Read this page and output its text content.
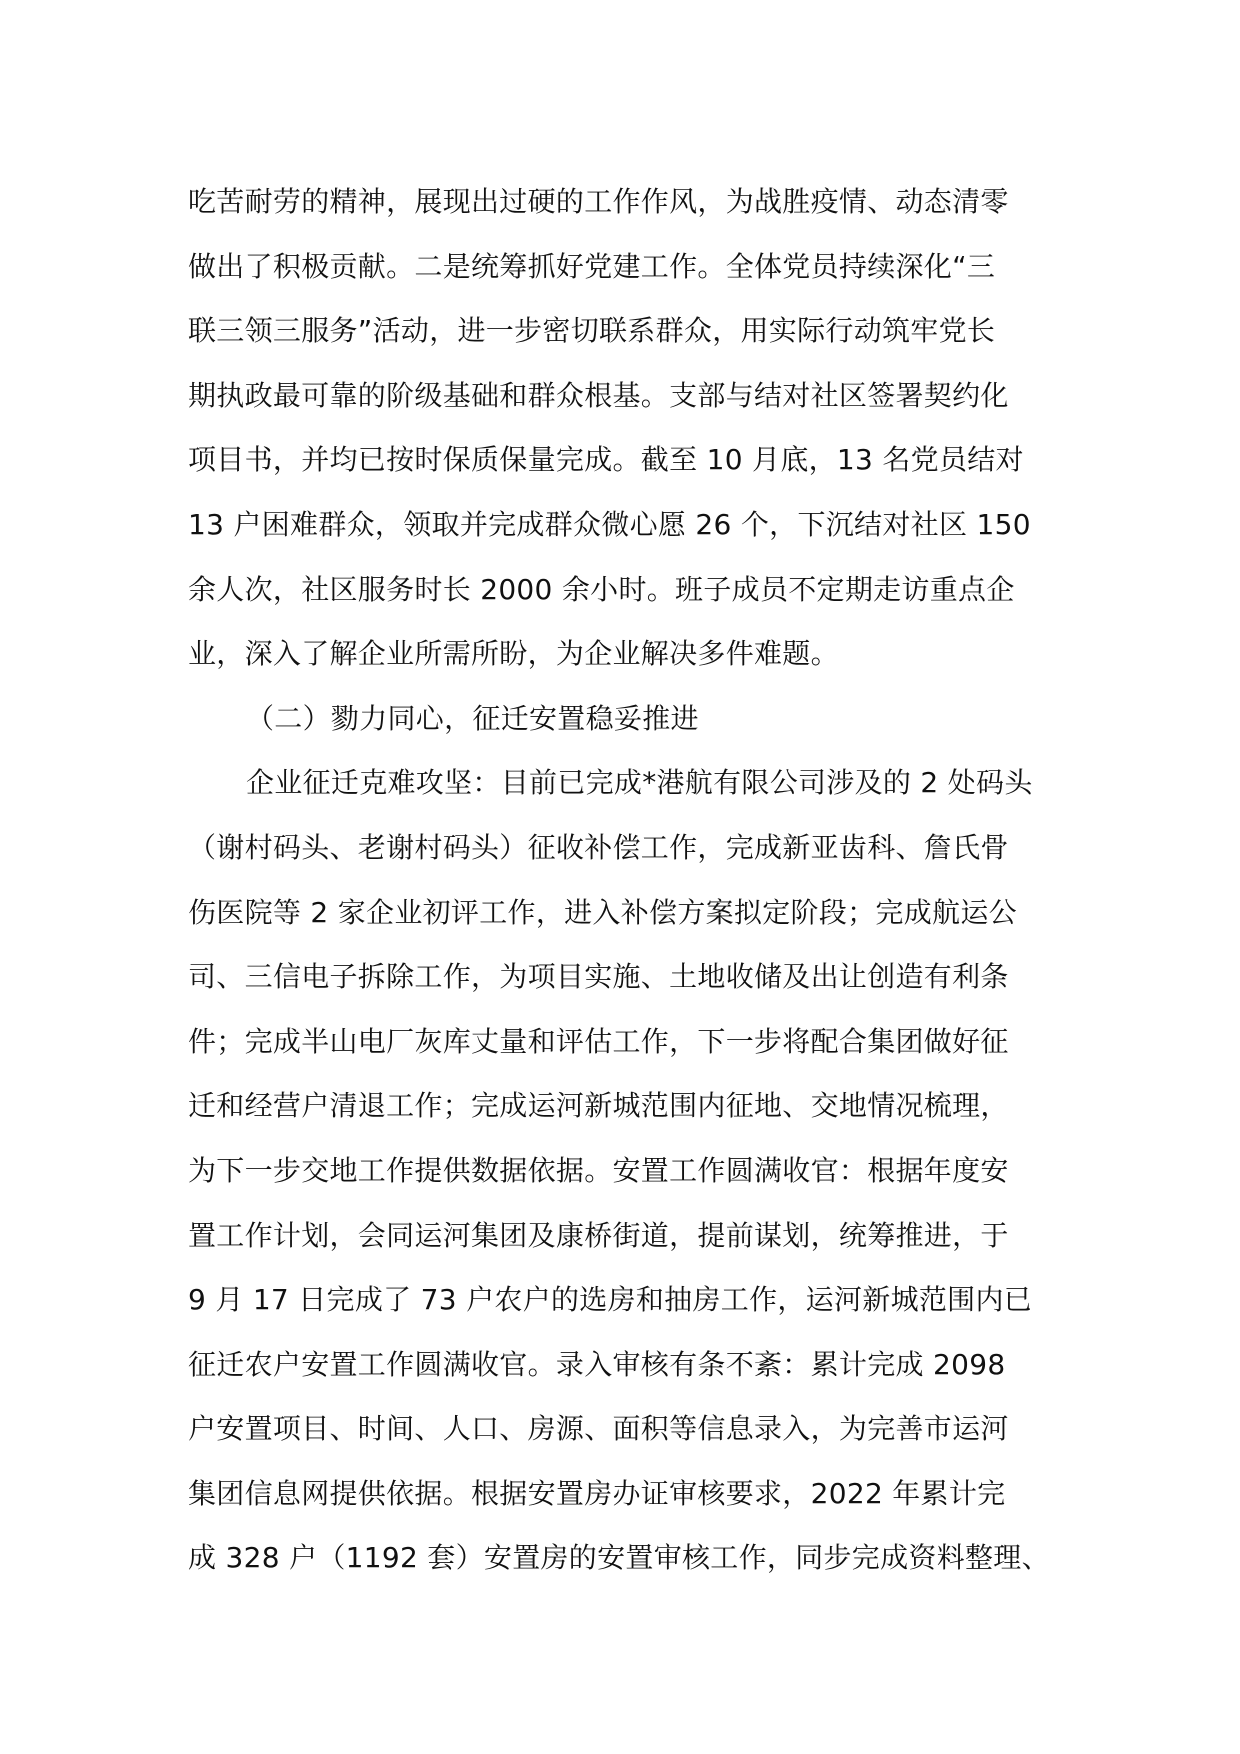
吃苦耐劳的精神，展现出过硬的工作作风，为战胜疫情、动态清零
做出了积极贡献。二是统筹抓好党建工作。全体党员持续深化“三
联三领三服务”活动，进一步密切联系群众，用实际行动筑牢党长
期执政最可靠的阶级基础和群众根基。支部与结对社区签署契约化
项目书，并均已按时保质保量完成。截至 10 月底，13 名党员结对
13 户困难群众，领取并完成群众微心愿 26 个，下沉结对社区 150
余人次，社区服务时长 2000 余小时。班子成员不定期走访重点企
业，深入了解企业所需所盼，为企业解决多件难题。
（二）勠力同心，征迁安置稳妥推进
企业征迁克难攻坚：目前已完成*港航有限公司涉及的 2 处码头
（谢村码头、老谢村码头）征收补偿工作，完成新亚齿科、詹氏骨
伤医院等 2 家企业初评工作，进入补偿方案拟定阶段；完成航运公
司、三信电子拆除工作，为项目实施、土地收储及出让创造有利条
件；完成半山电厂灰库丈量和评估工作，下一步将配合集团做好征
迁和经营户清退工作；完成运河新城范围内征地、交地情况梳理，
为下一步交地工作提供数据依据。安置工作圆满收官：根据年度安
置工作计划，会同运河集团及康桥街道，提前谋划，统筹推进，于
9 月 17 日完成了 73 户农户的选房和抽房工作，运河新城范围内已
征迁农户安置工作圆满收官。录入审核有条不紊：累计完成 2098
户安置项目、时间、人口、房源、面积等信息录入，为完善市运河
集团信息网提供依据。根据安置房办证审核要求，2022 年累计完
成 328 户（1192 套）安置房的安置审核工作，同步完成资料整理、
